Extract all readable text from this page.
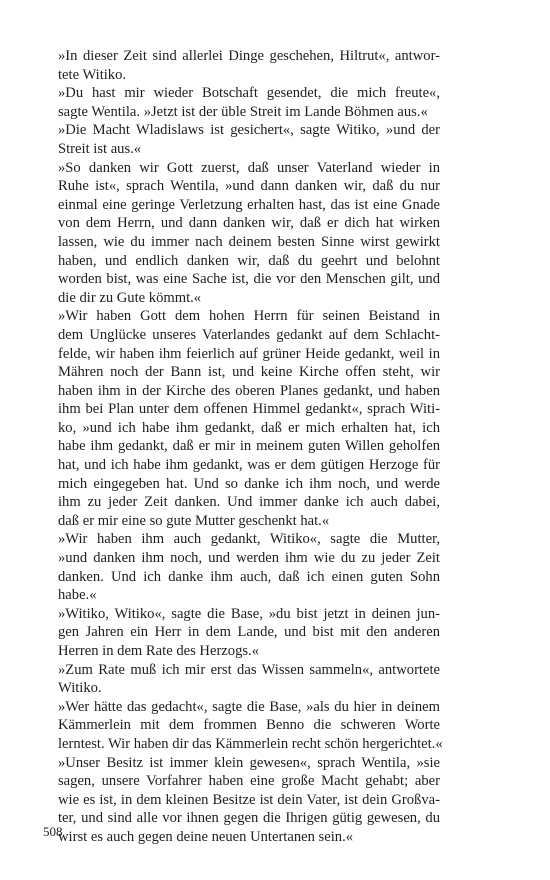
»In dieser Zeit sind allerlei Dinge geschehen, Hiltrut«, antwor-
tete Witiko.
»Du hast mir wieder Botschaft gesendet, die mich freute«,
sagte Wentila. »Jetzt ist der üble Streit im Lande Böhmen aus.«
»Die Macht Wladislaws ist gesichert«, sagte Witiko, »und der
Streit ist aus.«
»So danken wir Gott zuerst, daß unser Vaterland wieder in
Ruhe ist«, sprach Wentila, »und dann danken wir, daß du nur
einmal eine geringe Verletzung erhalten hast, das ist eine Gnade
von dem Herrn, und dann danken wir, daß er dich hat wirken
lassen, wie du immer nach deinem besten Sinne wirst gewirkt
haben, und endlich danken wir, daß du geehrt und belohnt
worden bist, was eine Sache ist, die vor den Menschen gilt, und
die dir zu Gute kömmt.«
»Wir haben Gott dem hohen Herrn für seinen Beistand in
dem Unglücke unseres Vaterlandes gedankt auf dem Schlacht-
felde, wir haben ihm feierlich auf grüner Heide gedankt, weil in
Mähren noch der Bann ist, und keine Kirche offen steht, wir
haben ihm in der Kirche des oberen Planes gedankt, und haben
ihm bei Plan unter dem offenen Himmel gedankt«, sprach Witi-
ko, »und ich habe ihm gedankt, daß er mich erhalten hat, ich
habe ihm gedankt, daß er mir in meinem guten Willen geholfen
hat, und ich habe ihm gedankt, was er dem gütigen Herzoge für
mich eingegeben hat. Und so danke ich ihm noch, und werde
ihm zu jeder Zeit danken. Und immer danke ich auch dabei,
daß er mir eine so gute Mutter geschenkt hat.«
»Wir haben ihm auch gedankt, Witiko«, sagte die Mutter,
»und danken ihm noch, und werden ihm wie du zu jeder Zeit
danken. Und ich danke ihm auch, daß ich einen guten Sohn
habe.«
»Witiko, Witiko«, sagte die Base, »du bist jetzt in deinen jun-
gen Jahren ein Herr in dem Lande, und bist mit den anderen
Herren in dem Rate des Herzogs.«
»Zum Rate muß ich mir erst das Wissen sammeln«, antwortete
Witiko.
»Wer hätte das gedacht«, sagte die Base, »als du hier in deinem
Kämmerlein mit dem frommen Benno die schweren Worte
lerntest. Wir haben dir das Kämmerlein recht schön hergerichtet.«
»Unser Besitz ist immer klein gewesen«, sprach Wentila, »sie
sagen, unsere Vorfahrer haben eine große Macht gehabt; aber
wie es ist, in dem kleinen Besitze ist dein Vater, ist dein Großva-
ter, und sind alle vor ihnen gegen die Ihrigen gütig gewesen, du
wirst es auch gegen deine neuen Untertanen sein.«
508
